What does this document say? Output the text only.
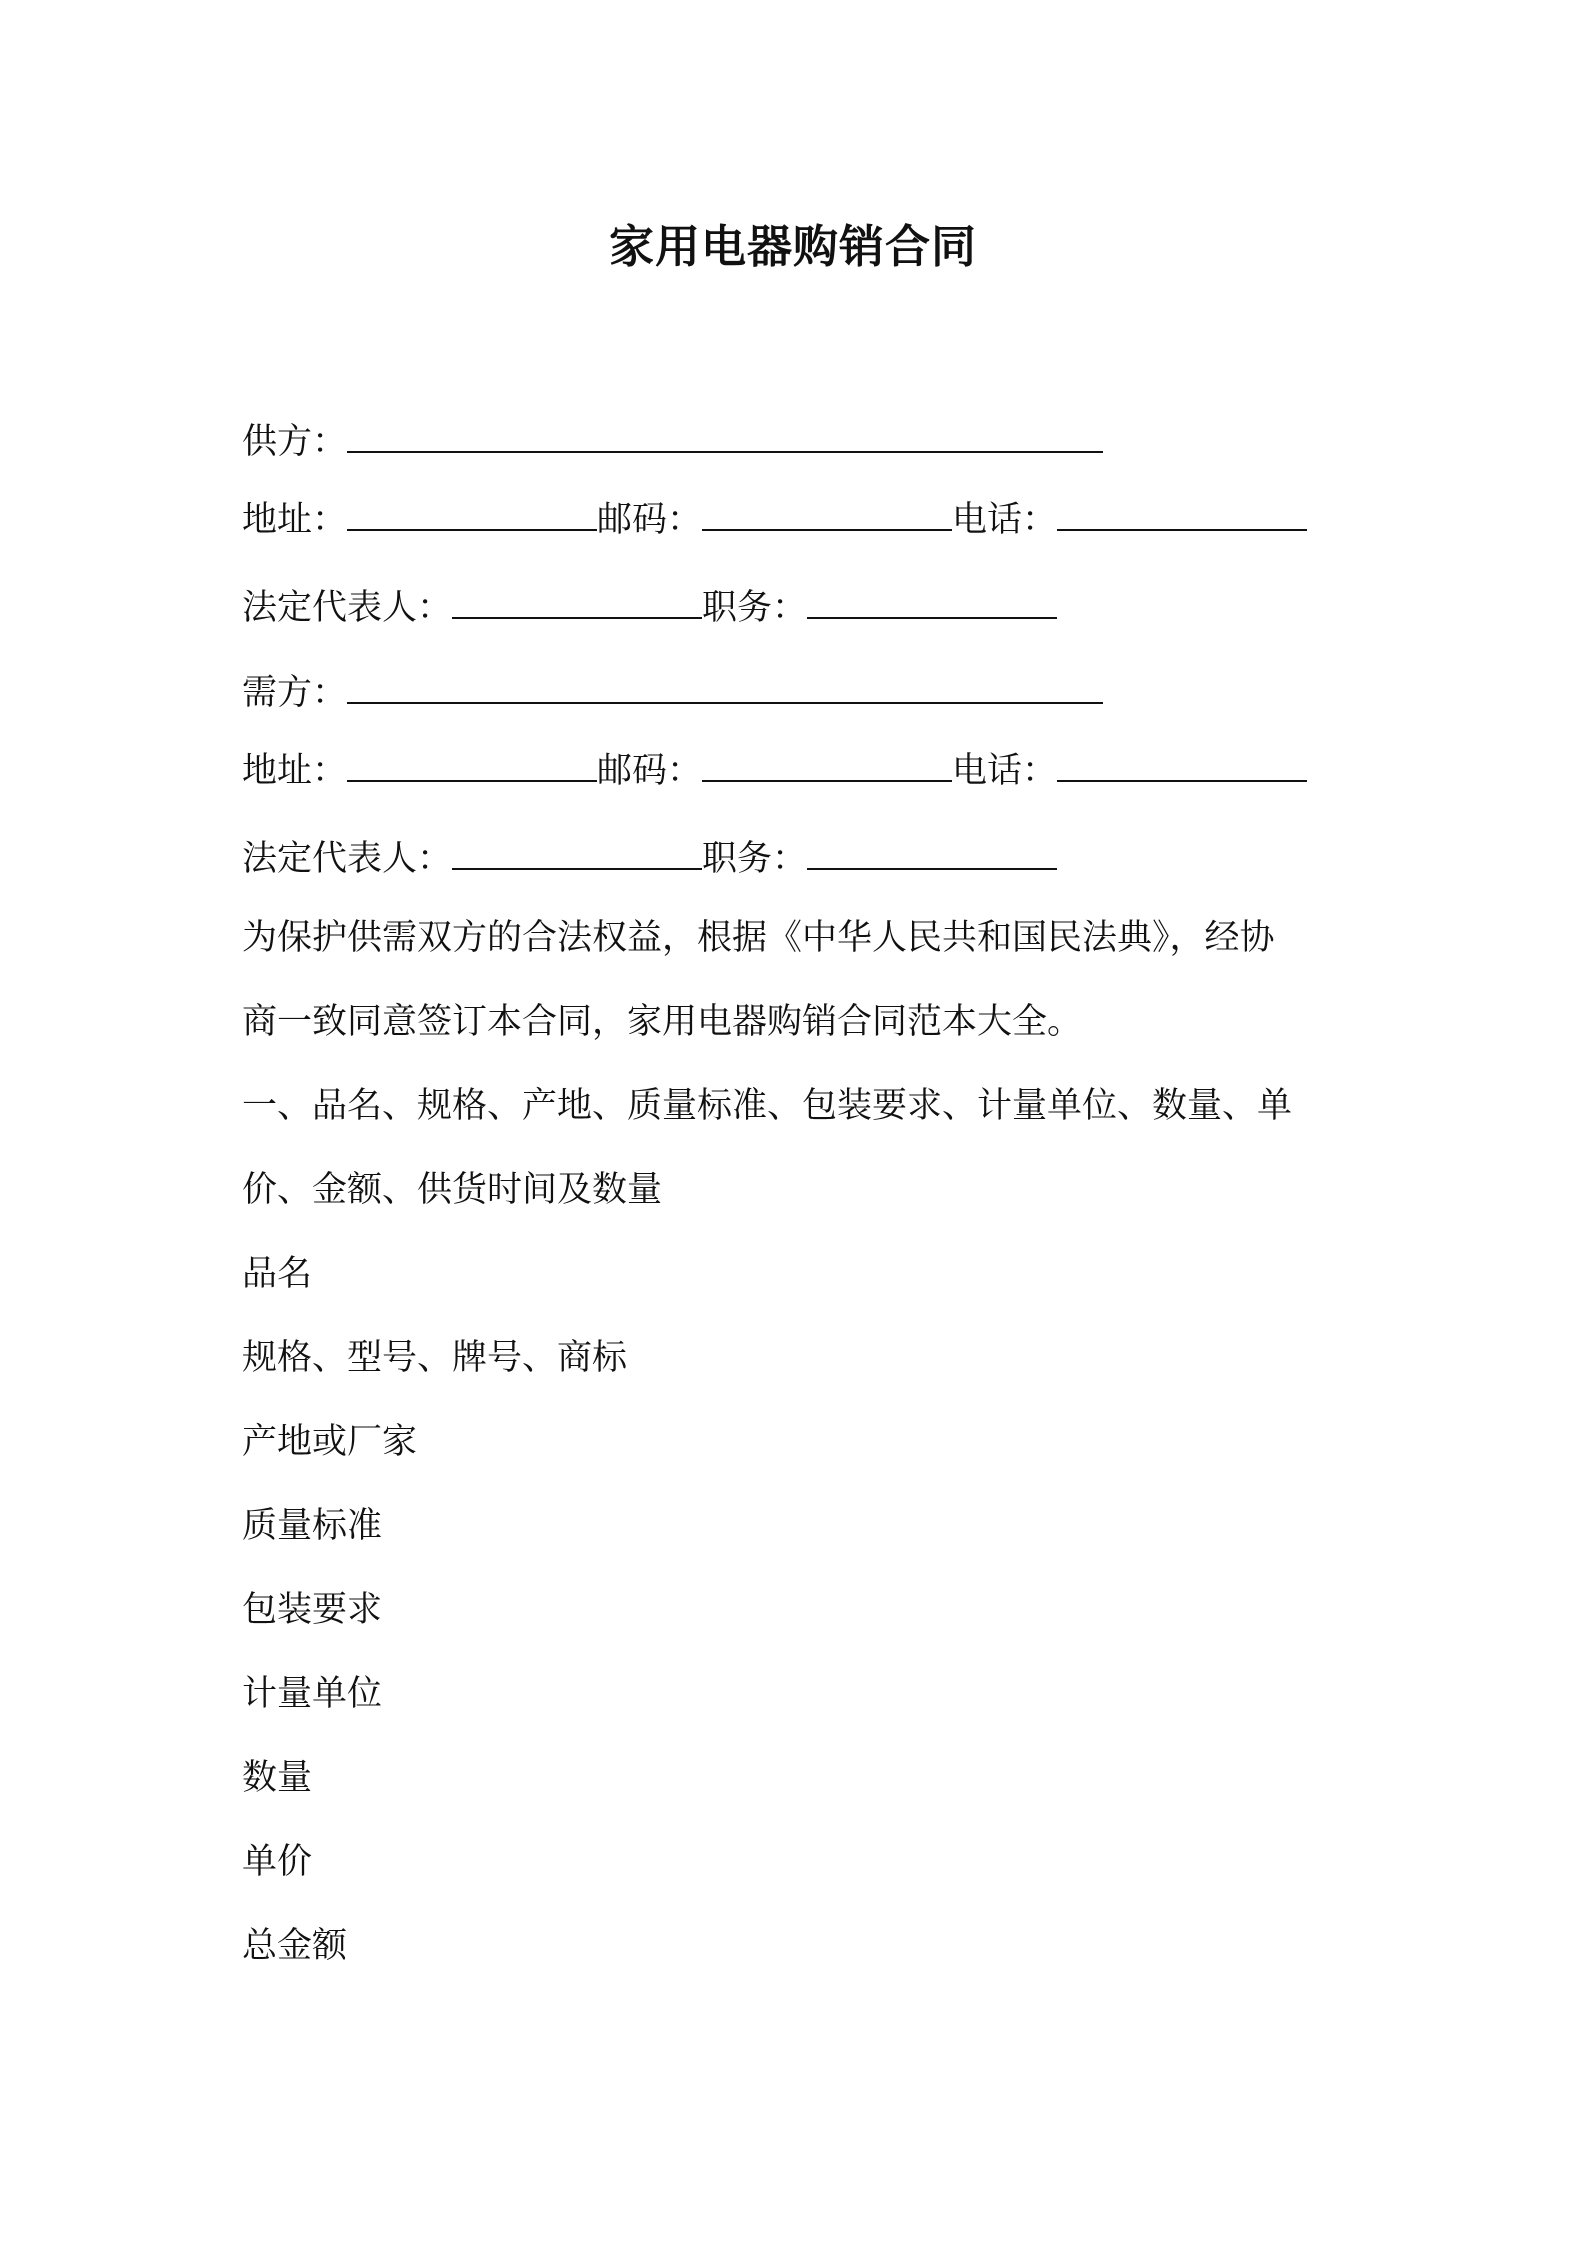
家用电器购销合同
供方：
地址：	邮码：	电话：
法定代表人：	职务：
需方：
地址：	邮码：	电话：
法定代表人：	职务：
为保护供需双方的合法权益，根据《中华人民共和国民法典》，经协
商一致同意签订本合同，家用电器购销合同范本大全。
一、品名、规格、产地、质量标准、包装要求、计量单位、数量、单
价、金额、供货时间及数量
品名
规格、型号、牌号、商标
产地或厂家
质量标准
包装要求
计量单位
数量
单价
总金额
